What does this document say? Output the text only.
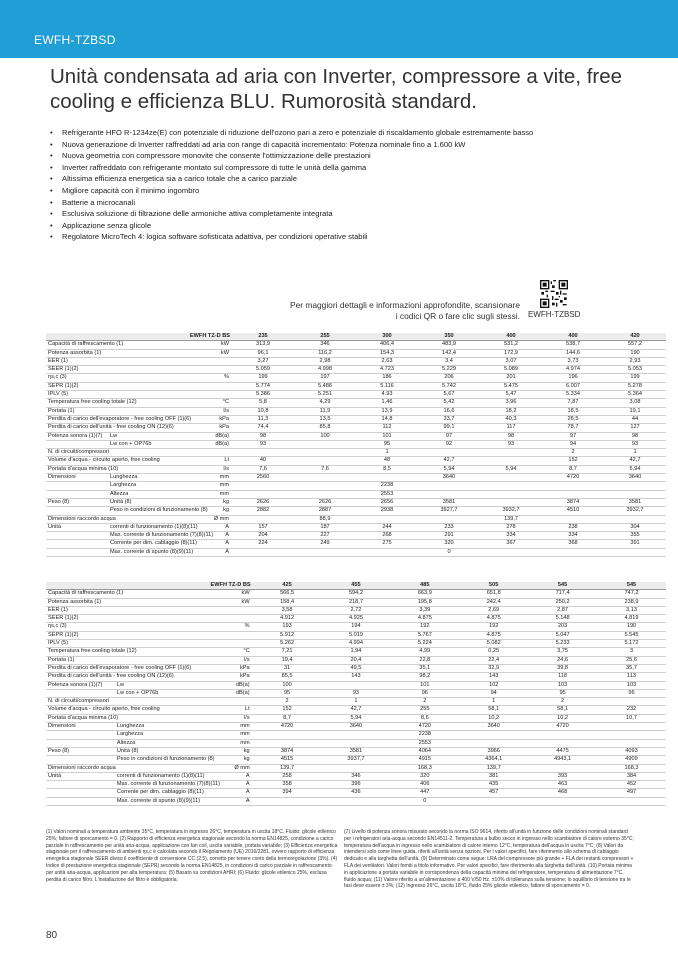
EWFH-TZBSD
Unità condensata ad aria con Inverter, compressore a vite, free cooling e efficienza BLU. Rumorosità standard.
• Refrigerante HFO R-1234ze(E) con potenziale di riduzione dell'ozono pari a zero e potenziale di riscaldamento globale estremamente basso
• Nuova generazione di Inverter raffreddati ad aria con range di capacità incrementato: Potenza nominale fino a 1.600 kW
• Nuova geometria con compressore monovite che consente l'ottimizzazione delle prestazioni
• Inverter raffreddato con refrigerante montato sul compressore di tutte le unità della gamma
• Altissima efficienza energetica sia a carico totale che a carico parziale
• Migliore capacità con il minimo ingombro
• Batterie a microcanali
• Esclusiva soluzione di filtrazione delle armoniche attiva completamente integrata
• Applicazione senza glicole
• Regolatore MicroTech 4: logica software sofisticata adattiva, per condizioni operative stabili
Per maggiori dettagli e informazioni approfondite, scansionare i codici QR o fare clic sugli stessi. EWFH-TZBSD
EWFH TZ-D BS			235	255	300	350	400	400	420
Capacità di raffrescamento (1)		kW	313,9	346	406,4	483,9	531,2	538,7	557,2
Potenza assorbita (1)		kW	96,1	116,2	154,3	142,4	172,9	144,6	190
EER (1)			3,27	2,98	2,63	3,4	3,07	3,73	2,93
SEER (1)(2)			5.059	4.998	4.723	5.229	5.089	4.974	5.053
ηs,c (3)		%	199	197	186	206	201	196	199
SEPR (1)(2)			5.774	5.486	5.116	5.742	5.475	6.007	5.278
IPLV (5)			5.386	5.251	4.93	5,67	5,47	5.334	5.364
Temperatura free cooling totale (12)		°C	5,8	4,29	1,46	5,42	3,96	7,87	3,08
Portata (1)		l/s	10,8	11,9	13,9	16,6	18,2	18,5	19,1
Perdita di carico dell'evaporatore - free cooling OFF (1)(6)		kPa	11,3	13,5	14,8	33,7	40,3	28,5	44
Perdita di carico dell'unità - free cooling ON (12)(6)		kPa	74,4	85,8	112	99,1	117	78,7	127
Potenza sonora (1)(7)	Lw	dB(a)	98	100	101	97	98	97	98
	Lw con + OP76b	dB(a)	93		95	92	93	94	93
N. di circuiti/compressori					1			2	1
Volume d'acqua - circuito aperto, free cooling		Lt	40		48	42,7		152	42,7
Portata d'acqua minima (10)		l/s	7,6	7,6	8,5	5,94	5,94	8,7	5,94
Dimensioni	Lunghezza	mm	2560			3640		4720	3640
	Larghezza	mm			2238				
	Altezza	mm			2553				
Peso (8)	Unità (8)	kg	2626	2626	2656	3581		3874	3581
	Peso in condizioni di funzionamento (8)	kg	2882	2887	2938	3927,7	3932,7	4510	3932,7
Dimensioni raccordo acqua		Ø mm		88,9			139,7		
Unità	correnti di funzionamento (1)(8)(11)	A	157	187	244	233	278	238	304
	Max. corrente di funzionamento (7)(8)(11)	A	204	227	268	291	334	334	355
	Corrente per dim. cablaggio (8)(11)	A	224	249	275	320	367	368	391
	Max. corrente di spunto (8)(9)(11)	A				0			
EWFH TZ-D BS			425	455	485	505	545	545
Capacità di raffrescamento (1)		kW	566,5	594,2	663,9	651,8	717,4	747,2
Potenza assorbita (1)		kW	158,4	218,7	195,8	242,4	250,2	238,9
EER (1)			3,58	2,72	3,39	2,69	2,87	3,13
SEER (1)(2)			4.912	4.925	4.875	4.875	5.148	4.819
ηs,c (3)		%	193	194	192	192	203	190
SEPR (1)(2)			5.912	5.019	5.767	4.875	5.047	5.545
IPLV (5)			5.262	4.994	5.224	5.082	5.233	5.172
Temperatura free cooling totale (12)		°C	7,21	1,94	4,99	0,25	3,75	3
Portata (1)		l/s	19,4	20,4	22,8	22,4	24,6	25,6
Perdita di carico dell'evaporatore - free cooling OFF (1)(6)		kPa	31	49,5	35,1	32,9	39,8	35,7
Perdita di carico dell'unità - free cooling ON (12)(6)		kPa	85,5	143	98,2	143	118	113
Potenza sonora (1)(7)	Lw	dB(a)	100		101	102	103	103
	Lw con + OP76b	dB(a)	95	93	96	94	95	96
N. di circuiti/compressori			2	1	2	1	2	
Volume d'acqua - circuito aperto, free cooling		Lt	152	42,7	255	58,1	58,1	232
Portata d'acqua minima (10)		l/s	8,7	5,94	8,6	10,2	10,2	10,7
Dimensioni	Lunghezza	mm	4720	3640	4720	3640	4720	
	Larghezza	mm			2238			
	Altezza	mm			2553			
Peso (8)	Unità (8)	kg	3874	3581	4064	3966	4475	4093
	Peso in condizioni di funzionamento (8)	kg	4515	3937,7	4915	4364,1	4943,1	4909
Dimensioni raccordo acqua		Ø mm	139,7		168,3	139,7		168,3
Unità	correnti di funzionamento (1)(8)(11)	A	258	346	320	381	393	384
	Max. corrente di funzionamento (7)(8)(11)	A	358	396	406	435	463	452
	Corrente per dim. cablaggio (8)(11)	A	394	436	447	457	468	497
	Max. corrente di spunto (8)(9)(11)	A			0			
(1) Valori nominali a temperatura ambiente 35°C, temperatura in ingresso 26°C, temperatura in uscita 18°C. Fluido: glicole etilenico 25%; fattore di sporcamento = 0. (2) Rapporto di efficienza energetica stagionale secondo la norma EN14825, condizione a carico parziale in raffrescamento per unità aria-acqua, applicazione con fan coil, uscita variabile, portata variabile; (3) Efficienza energetica stagionale per il raffrescamento di ambienti ηs,c è calcolata secondo il Regolamento (UE) 2016/2281, ovvero rapporto di efficienza energetica stagionale SEER diviso il coefficiente di conversione CC (2,5), corretto per tenere conto della termoregolazione (3%). (4) Indice di prestazione energetica stagionale (SEPR) secondo la norma EN14825, in condizioni di carico parziale in raffrescamento per unità aria-acqua, applicazioni per alta temperatura; (5) Basato su condizioni AHRI; (6) Fluido: glicole etilenico 25%, esclusa perdita di carico filtro. L'installazione del filtro è obbligatoria;
(7) Livello di potenza sonora misurato secondo la norma ISO 9614, riferito all'unità in funzione delle condizioni nominali standard per i refrigeratori aria-acqua secondo EN14511-2. Temperatura a bulbo secco in ingresso nello scambiatore di calore esterno 35°C; temperatura dell'acqua in ingresso nello scambiatore di calore interno 12°C, temperatura dell'acqua in uscita 7°C; (8) Valori da intendersi solo come linee guida, riferiti all'unità senza opzioni. Per i valori specifici, fare riferimento allo schema di cablaggio dedicato e alla targhetta dell'unità. (9) Determinato come segue: LRA del compressore più grande + FLA dei restanti compressori + FLA dei ventilatori. Valori forniti a titolo informativo. Per valori specifici, fare riferimento alla targhetta dell'unità. (10) Portata minima in applicazione a portata variabile in corrispondenza della capacità minima del refrigeratore, temperatura di alimentazione 7°C, fluido acqua; (11) Valore riferito a un'alimentazione a 400 V/50 Hz. ±10% di tolleranza sulla tensione; lo squilibrio di tensione tra le fasi deve essere ± 3%; (12) Ingresso 26°C, uscita 18°C, fluido 25% glicole etilenico, fattore di sporcamento = 0.
80
